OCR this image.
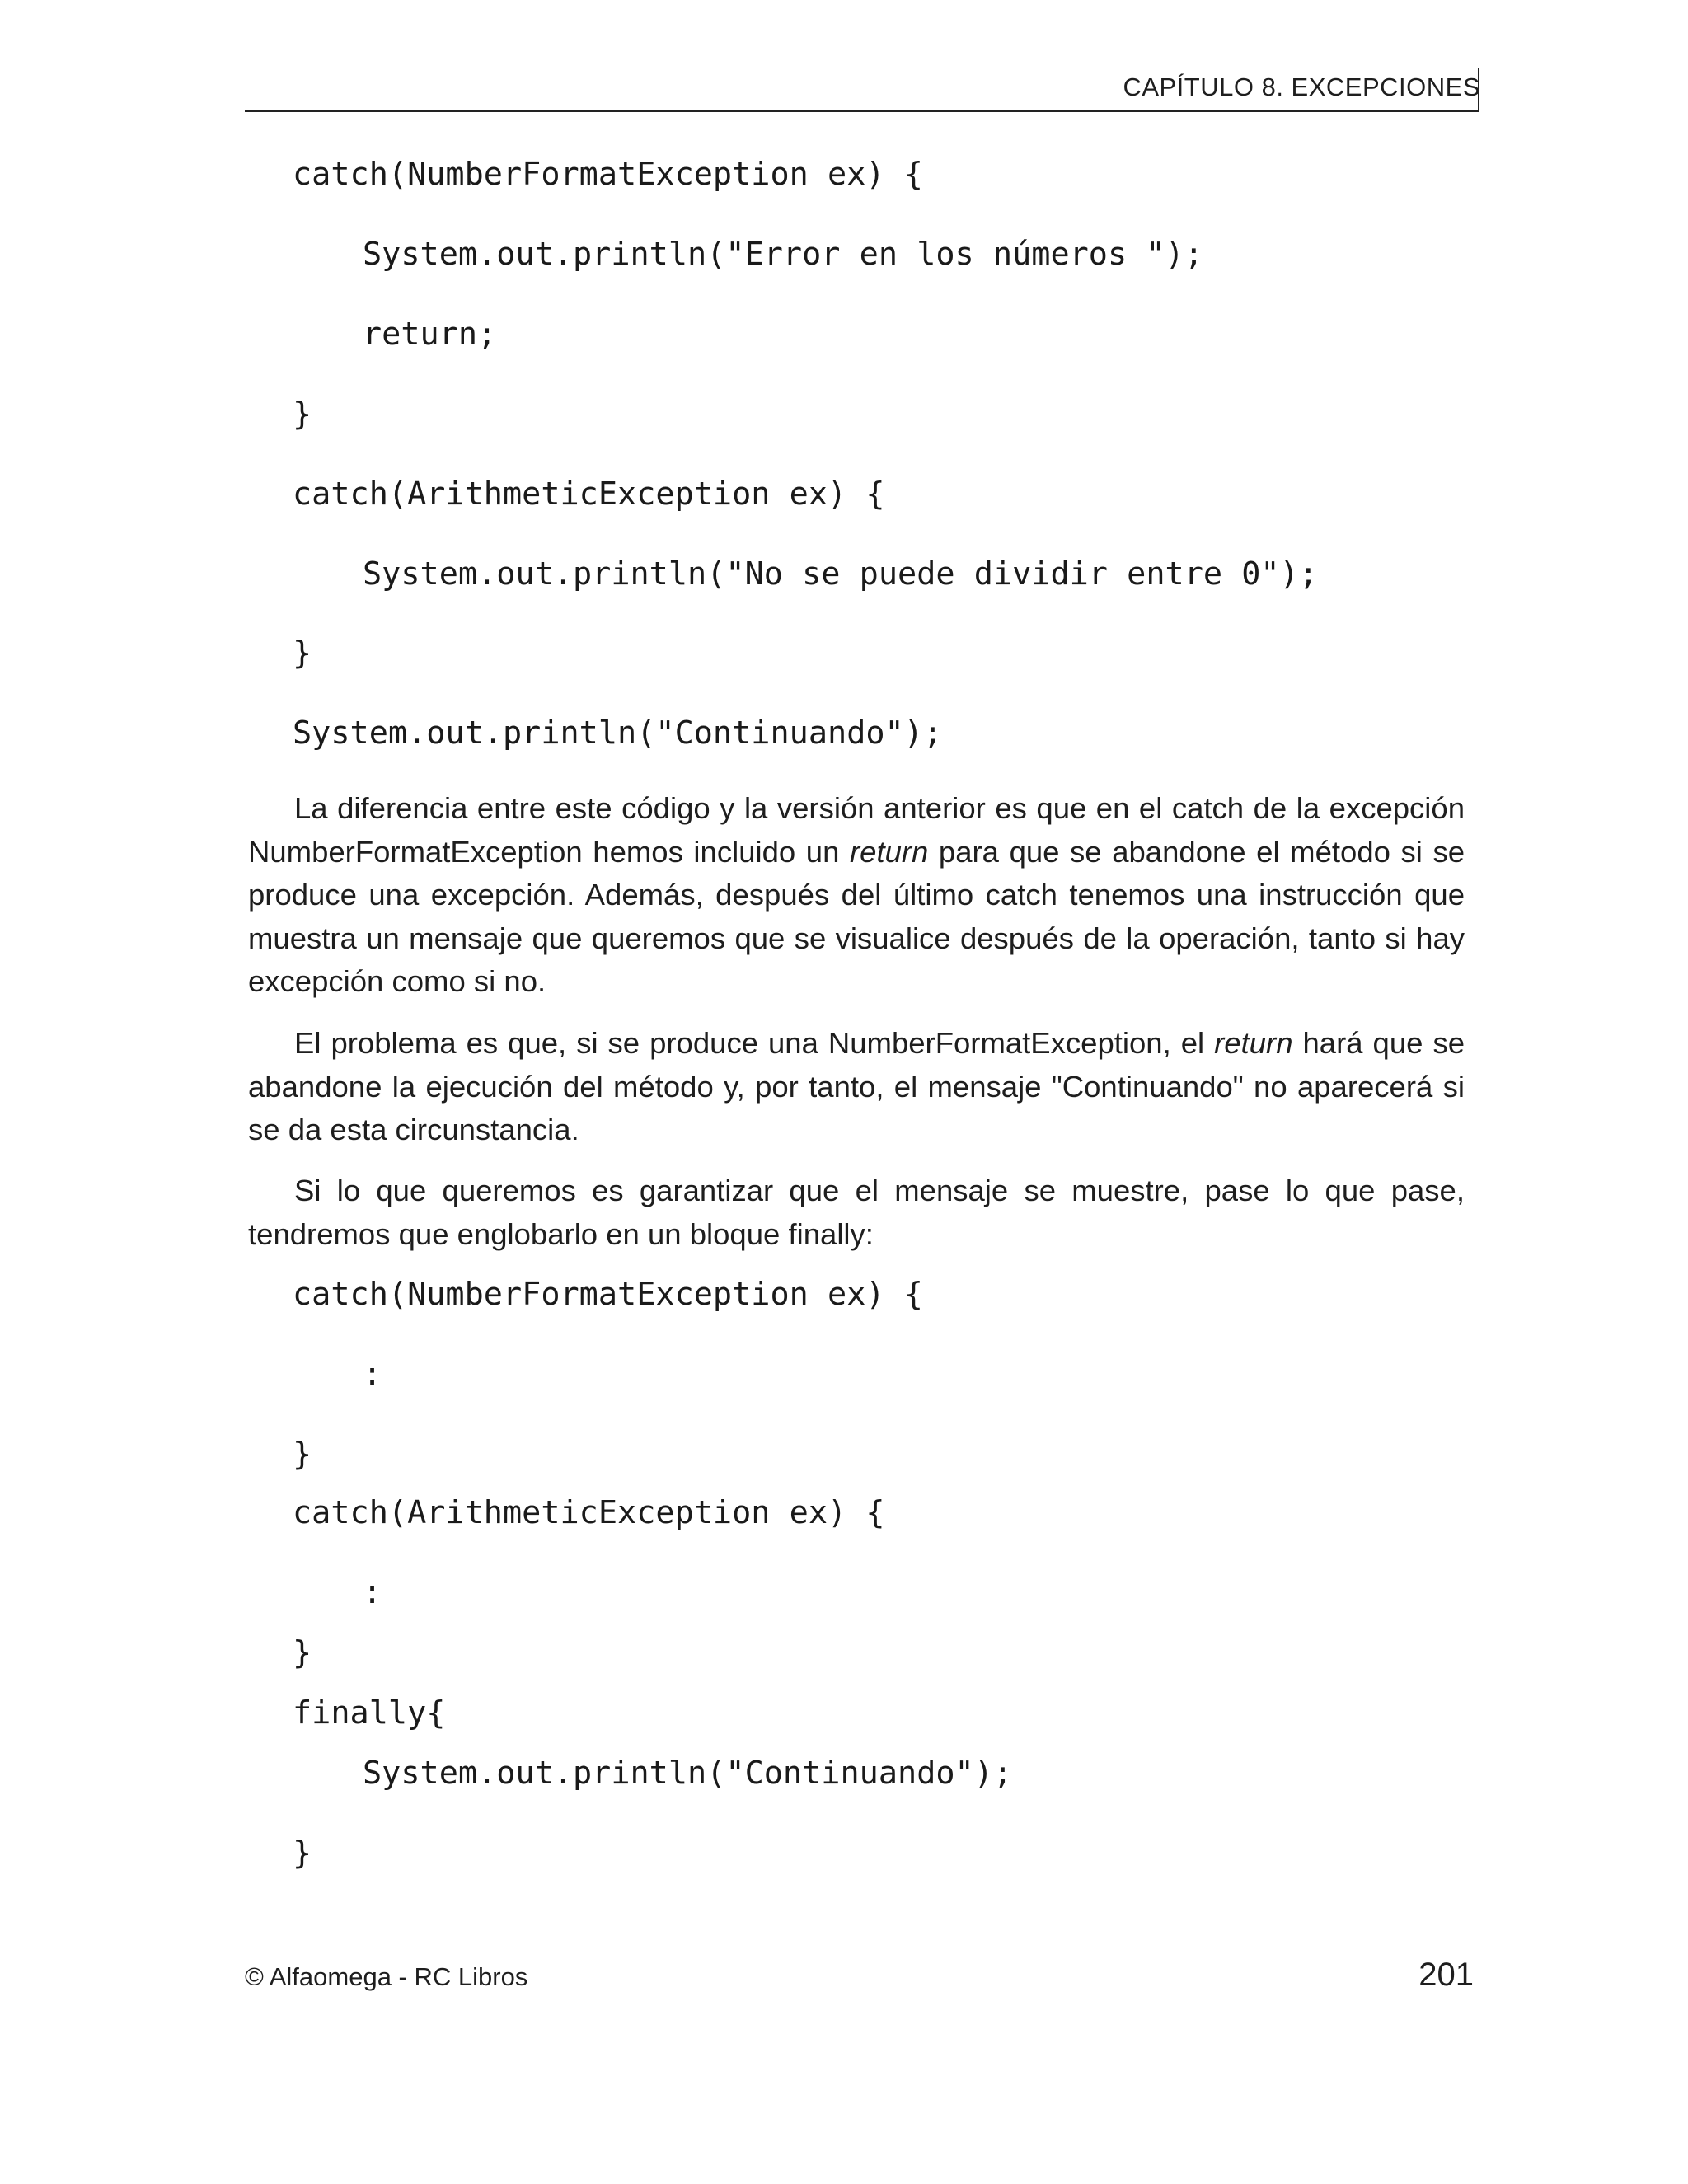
CAPÍTULO 8. EXCEPCIONES
catch(NumberFormatException ex) {
System.out.println("Error en los números ");
return;
}
catch(ArithmeticException ex) {
System.out.println("No se puede dividir entre 0");
}
System.out.println("Continuando");

La diferencia entre este código y la versión anterior es que en el catch de la excepción NumberFormatException hemos incluido un return para que se abandone el método si se produce una excepción. Además, después del último catch tenemos una instrucción que muestra un mensaje que queremos que se visualice después de la operación, tanto si hay excepción como si no.

El problema es que, si se produce una NumberFormatException, el return hará que se abandone la ejecución del método y, por tanto, el mensaje "Continuando" no aparecerá si se da esta circunstancia.

Si lo que queremos es garantizar que el mensaje se muestre, pase lo que pase, tendremos que englobarlo en un bloque finally:

catch(NumberFormatException ex) {
:
}
catch(ArithmeticException ex) {
:
}
finally{
System.out.println("Continuando");
}
© Alfaomega - RC Libros	201
